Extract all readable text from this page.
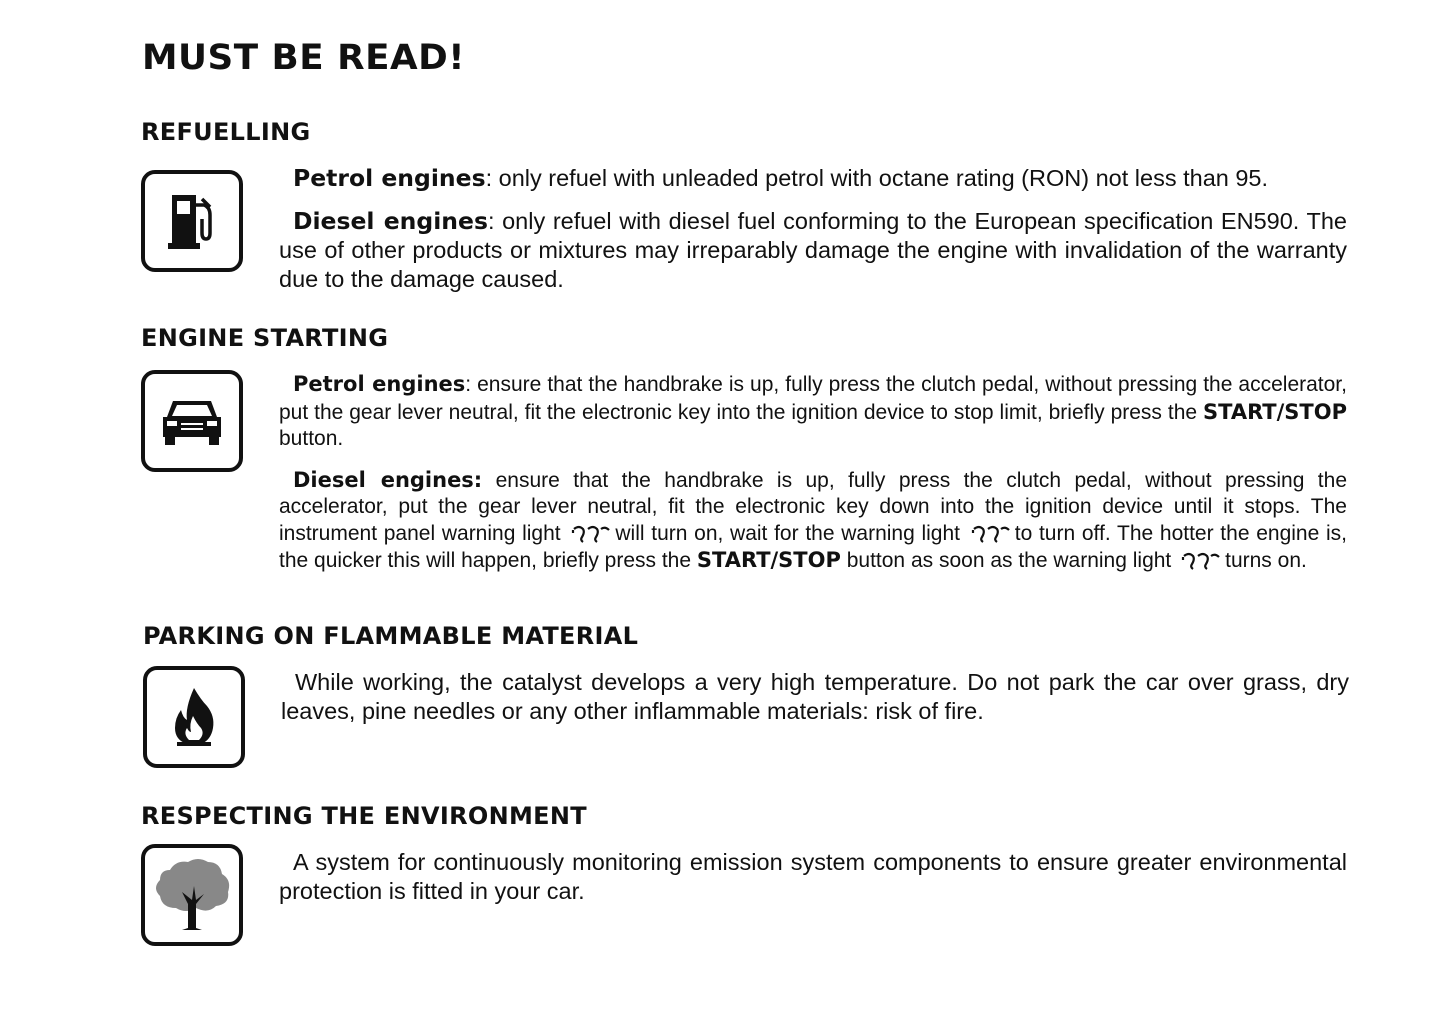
MUST BE READ!
REFUELLING

Petrol engines: only refuel with unleaded petrol with octane rating (RON) not less than 95.

Diesel engines: only refuel with diesel fuel conforming to the European specification EN590. The use of other products or mixtures may irreparably damage the engine with invalidation of the warranty due to the damage caused.

ENGINE STARTING

Petrol engines: ensure that the handbrake is up, fully press the clutch pedal, without pressing the accelerator, put the gear lever neutral, fit the electronic key into the ignition device to stop limit, briefly press the START/STOP button.

Diesel engines: ensure that the handbrake is up, fully press the clutch pedal, without pressing the accelerator, put the gear lever neutral, fit the electronic key down into the ignition device until it stops. The instrument panel warning light	will turn on, wait for the warning light	to turn off. The hotter the engine is, the quicker this will happen, briefly press the START/STOP button as soon as the warning light	turns on.

PARKING ON FLAMMABLE MATERIAL

While working, the catalyst develops a very high temperature. Do not park the car over grass, dry leaves, pine needles or any other inflammable materials: risk of fire.

RESPECTING THE ENVIRONMENT

A system for continuously monitoring emission system components to ensure greater environmental protection is fitted in your car.
